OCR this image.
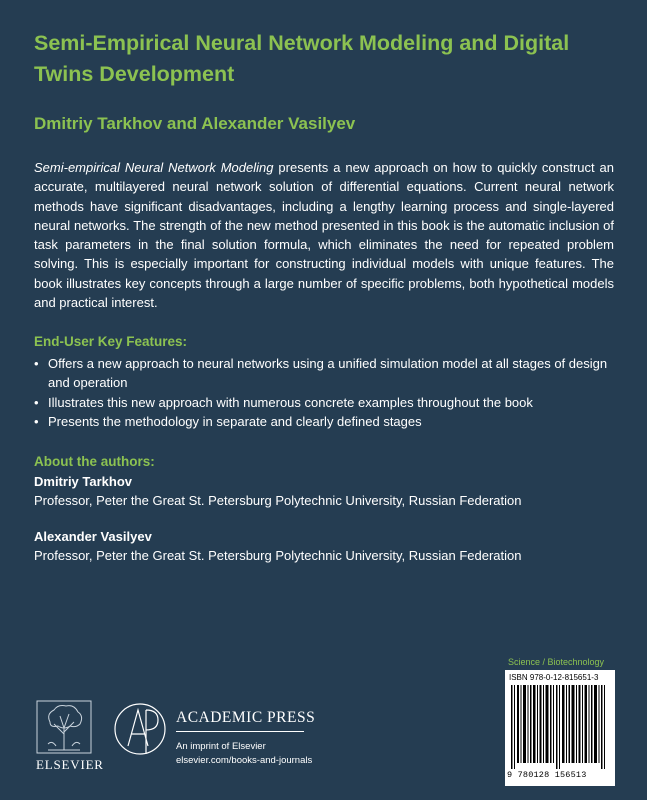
Semi-Empirical Neural Network Modeling and Digital Twins Development
Dmitriy Tarkhov and Alexander Vasilyev

Semi-empirical Neural Network Modeling presents a new approach on how to quickly construct an accurate, multilayered neural network solution of differential equations. Current neural network methods have significant disadvantages, including a lengthy learning process and single-layered neural networks. The strength of the new method presented in this book is the automatic inclusion of task parameters in the final solution formula, which eliminates the need for repeated problem solving. This is especially important for constructing individual models with unique features. The book illustrates key concepts through a large number of specific problems, both hypothetical models and practical interest.

End-User Key Features:
• Offers a new approach to neural networks using a unified simulation model at all stages of design and operation
• Illustrates this new approach with numerous concrete examples throughout the book
• Presents the methodology in separate and clearly defined stages
About the authors:
Dmitriy Tarkhov
Professor, Peter the Great St. Petersburg Polytechnic University, Russian Federation
Alexander Vasilyev
Professor, Peter the Great St. Petersburg Polytechnic University, Russian Federation
Science / Biotechnology
ISBN 978-0-12-815651-3
9 780128 156513
ELSEVIER
ACADEMIC PRESS
An imprint of Elsevier
elsevier.com/books-and-journals
